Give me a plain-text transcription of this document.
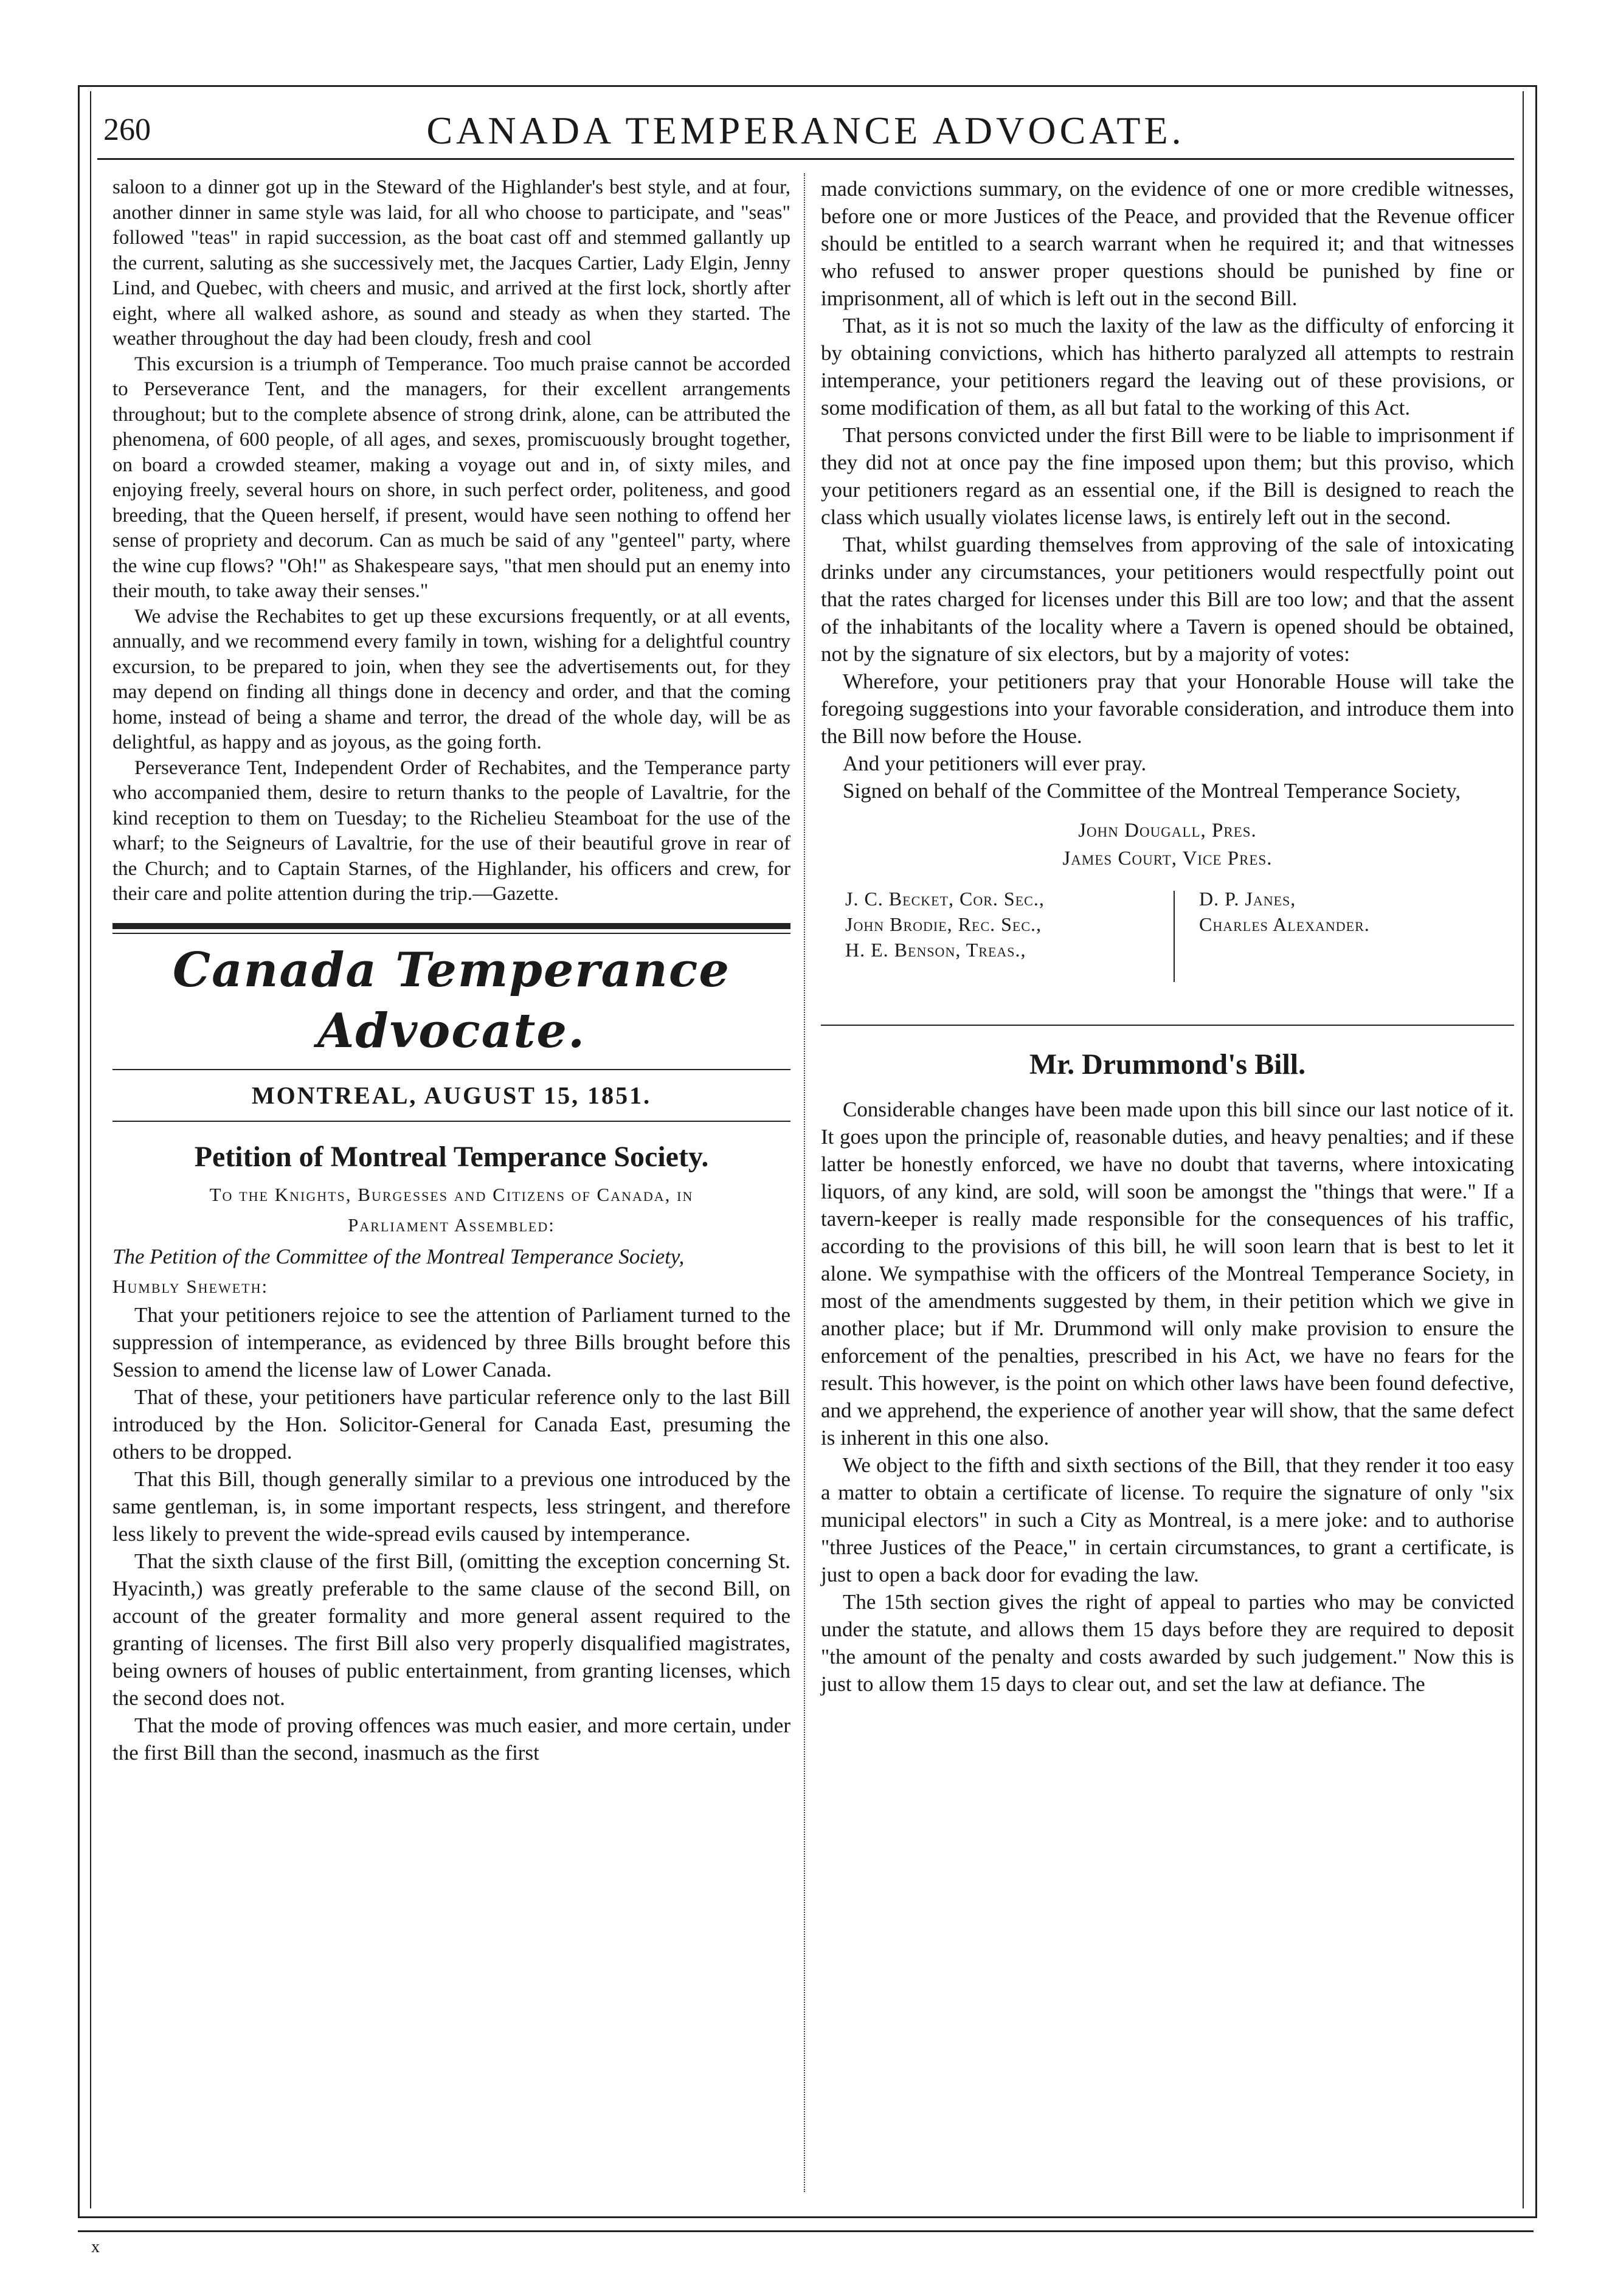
260	CANADA TEMPERANCE ADVOCATE.

saloon to a dinner got up in the Steward of the Highlander's best style, and at four, another dinner in same style was laid, for all who choose to participate, and "seas" followed "teas" in rapid succession, as the boat cast off and stemmed gallantly up the current, saluting as she successively met, the Jacques Cartier, Lady Elgin, Jenny Lind, and Quebec, with cheers and music, and arrived at the first lock, shortly after eight, where all walked ashore, as sound and steady as when they started. The weather throughout the day had been cloudy, fresh and cool

This excursion is a triumph of Temperance. Too much praise cannot be accorded to Perseverance Tent, and the managers, for their excellent arrangements throughout; but to the complete absence of strong drink, alone, can be attributed the phenomena, of 600 people, of all ages, and sexes, promiscuously brought together, on board a crowded steamer, making a voyage out and in, of sixty miles, and enjoying freely, several hours on shore, in such perfect order, politeness, and good breeding, that the Queen herself, if present, would have seen nothing to offend her sense of propriety and decorum. Can as much be said of any "genteel" party, where the wine cup flows? "Oh!" as Shakespeare says, "that men should put an enemy into their mouth, to take away their senses."

We advise the Rechabites to get up these excursions frequently, or at all events, annually, and we recommend every family in town, wishing for a delightful country excursion, to be prepared to join, when they see the advertisements out, for they may depend on finding all things done in decency and order, and that the coming home, instead of being a shame and terror, the dread of the whole day, will be as delightful, as happy and as joyous, as the going forth.

Perseverance Tent, Independent Order of Rechabites, and the Temperance party who accompanied them, desire to return thanks to the people of Lavaltrie, for the kind reception to them on Tuesday; to the Richelieu Steamboat for the use of the wharf; to the Seigneurs of Lavaltrie, for the use of their beautiful grove in rear of the Church; and to Captain Starnes, of the Highlander, his officers and crew, for their care and polite attention during the trip.—Gazette.

Canada Temperance Advocate.
MONTREAL, AUGUST 15, 1851.
Petition of Montreal Temperance Society.
To the Knights, Burgesses and Citizens of Canada, in
Parliament Assembled:
The Petition of the Committee of the Montreal Temperance Society,
Humbly Sheweth:

That your petitioners rejoice to see the attention of Parliament turned to the suppression of intemperance, as evidenced by three Bills brought before this Session to amend the license law of Lower Canada.

That of these, your petitioners have particular reference only to the last Bill introduced by the Hon. Solicitor-General for Canada East, presuming the others to be dropped.

That this Bill, though generally similar to a previous one introduced by the same gentleman, is, in some important respects, less stringent, and therefore less likely to prevent the wide-spread evils caused by intemperance.

That the sixth clause of the first Bill, (omitting the exception concerning St. Hyacinth,) was greatly preferable to the same clause of the second Bill, on account of the greater formality and more general assent required to the granting of licenses. The first Bill also very properly disqualified magistrates, being owners of houses of public entertainment, from granting licenses, which the second does not.

That the mode of proving offences was much easier, and more certain, under the first Bill than the second, inasmuch as the first

made convictions summary, on the evidence of one or more credible witnesses, before one or more Justices of the Peace, and provided that the Revenue officer should be entitled to a search warrant when he required it; and that witnesses who refused to answer proper questions should be punished by fine or imprisonment, all of which is left out in the second Bill.

That, as it is not so much the laxity of the law as the difficulty of enforcing it by obtaining convictions, which has hitherto paralyzed all attempts to restrain intemperance, your petitioners regard the leaving out of these provisions, or some modification of them, as all but fatal to the working of this Act.

That persons convicted under the first Bill were to be liable to imprisonment if they did not at once pay the fine imposed upon them; but this proviso, which your petitioners regard as an essential one, if the Bill is designed to reach the class which usually violates license laws, is entirely left out in the second.

That, whilst guarding themselves from approving of the sale of intoxicating drinks under any circumstances, your petitioners would respectfully point out that the rates charged for licenses under this Bill are too low; and that the assent of the inhabitants of the locality where a Tavern is opened should be obtained, not by the signature of six electors, but by a majority of votes:

Wherefore, your petitioners pray that your Honorable House will take the foregoing suggestions into your favorable consideration, and introduce them into the Bill now before the House.

And your petitioners will ever pray.

Signed on behalf of the Committee of the Montreal Temperance Society,

John Dougall, Pres.
James Court, Vice Pres.
J. C. Becket, Cor. Sec.,
John Brodie, Rec. Sec.,
H. E. Benson, Treas.,
D. P. Janes,
Charles Alexander.
Mr. Drummond's Bill.

Considerable changes have been made upon this bill since our last notice of it. It goes upon the principle of, reasonable duties, and heavy penalties; and if these latter be honestly enforced, we have no doubt that taverns, where intoxicating liquors, of any kind, are sold, will soon be amongst the "things that were." If a tavern-keeper is really made responsible for the consequences of his traffic, according to the provisions of this bill, he will soon learn that is best to let it alone. We sympathise with the officers of the Montreal Temperance Society, in most of the amendments suggested by them, in their petition which we give in another place; but if Mr. Drummond will only make provision to ensure the enforcement of the penalties, prescribed in his Act, we have no fears for the result. This however, is the point on which other laws have been found defective, and we apprehend, the experience of another year will show, that the same defect is inherent in this one also.

We object to the fifth and sixth sections of the Bill, that they render it too easy a matter to obtain a certificate of license. To require the signature of only "six municipal electors" in such a City as Montreal, is a mere joke: and to authorise "three Justices of the Peace," in certain circumstances, to grant a certificate, is just to open a back door for evading the law.

The 15th section gives the right of appeal to parties who may be convicted under the statute, and allows them 15 days before they are required to deposit "the amount of the penalty and costs awarded by such judgement." Now this is just to allow them 15 days to clear out, and set the law at defiance. The

x
